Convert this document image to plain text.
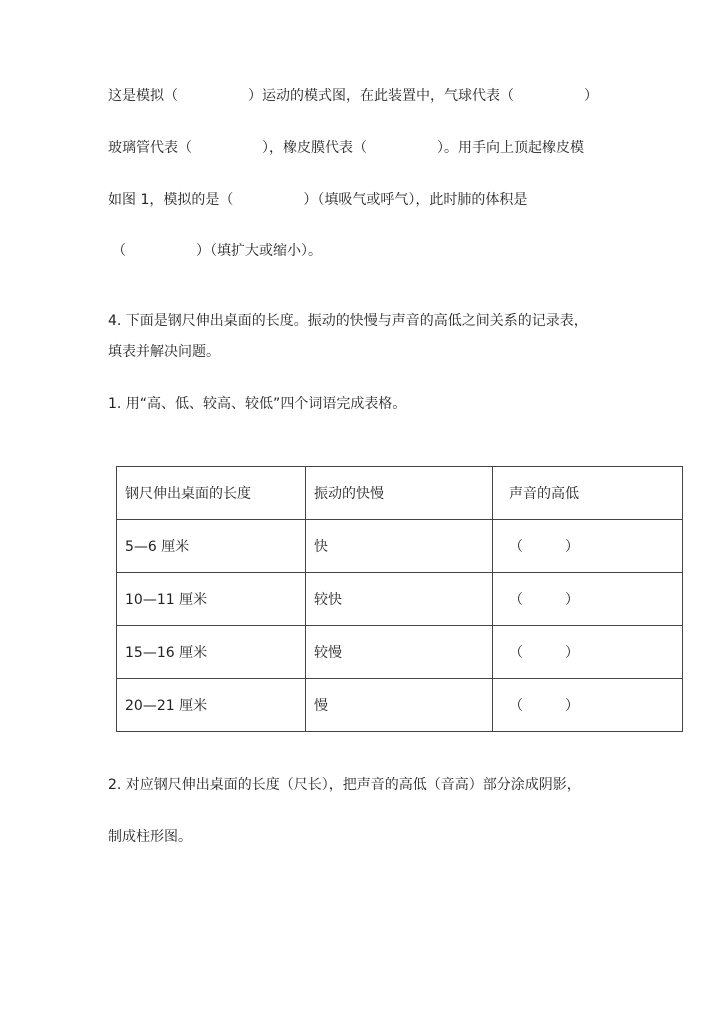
这是模拟（　　　　　）运动的模式图，在此装置中，气球代表（　　　　　）
玻璃管代表（　　　　　），橡皮膜代表（　　　　　）。用手向上顶起橡皮模
如图 1，模拟的是（　　　　　）（填吸气或呼气），此时肺的体积是
（　　　　　）（填扩大或缩小）。
4. 下面是钢尺伸出桌面的长度。振动的快慢与声音的高低之间关系的记录表，
填表并解决问题。
1. 用“高、低、较高、较低”四个词语完成表格。
钢尺伸出桌面的长度	振动的快慢	声音的高低
5—6 厘米	快	（　　　）
10—11 厘米	较快	（　　　）
15—16 厘米	较慢	（　　　）
20—21 厘米	慢	（　　　）
2. 对应钢尺伸出桌面的长度（尺长），把声音的高低（音高）部分涂成阴影，
制成柱形图。
